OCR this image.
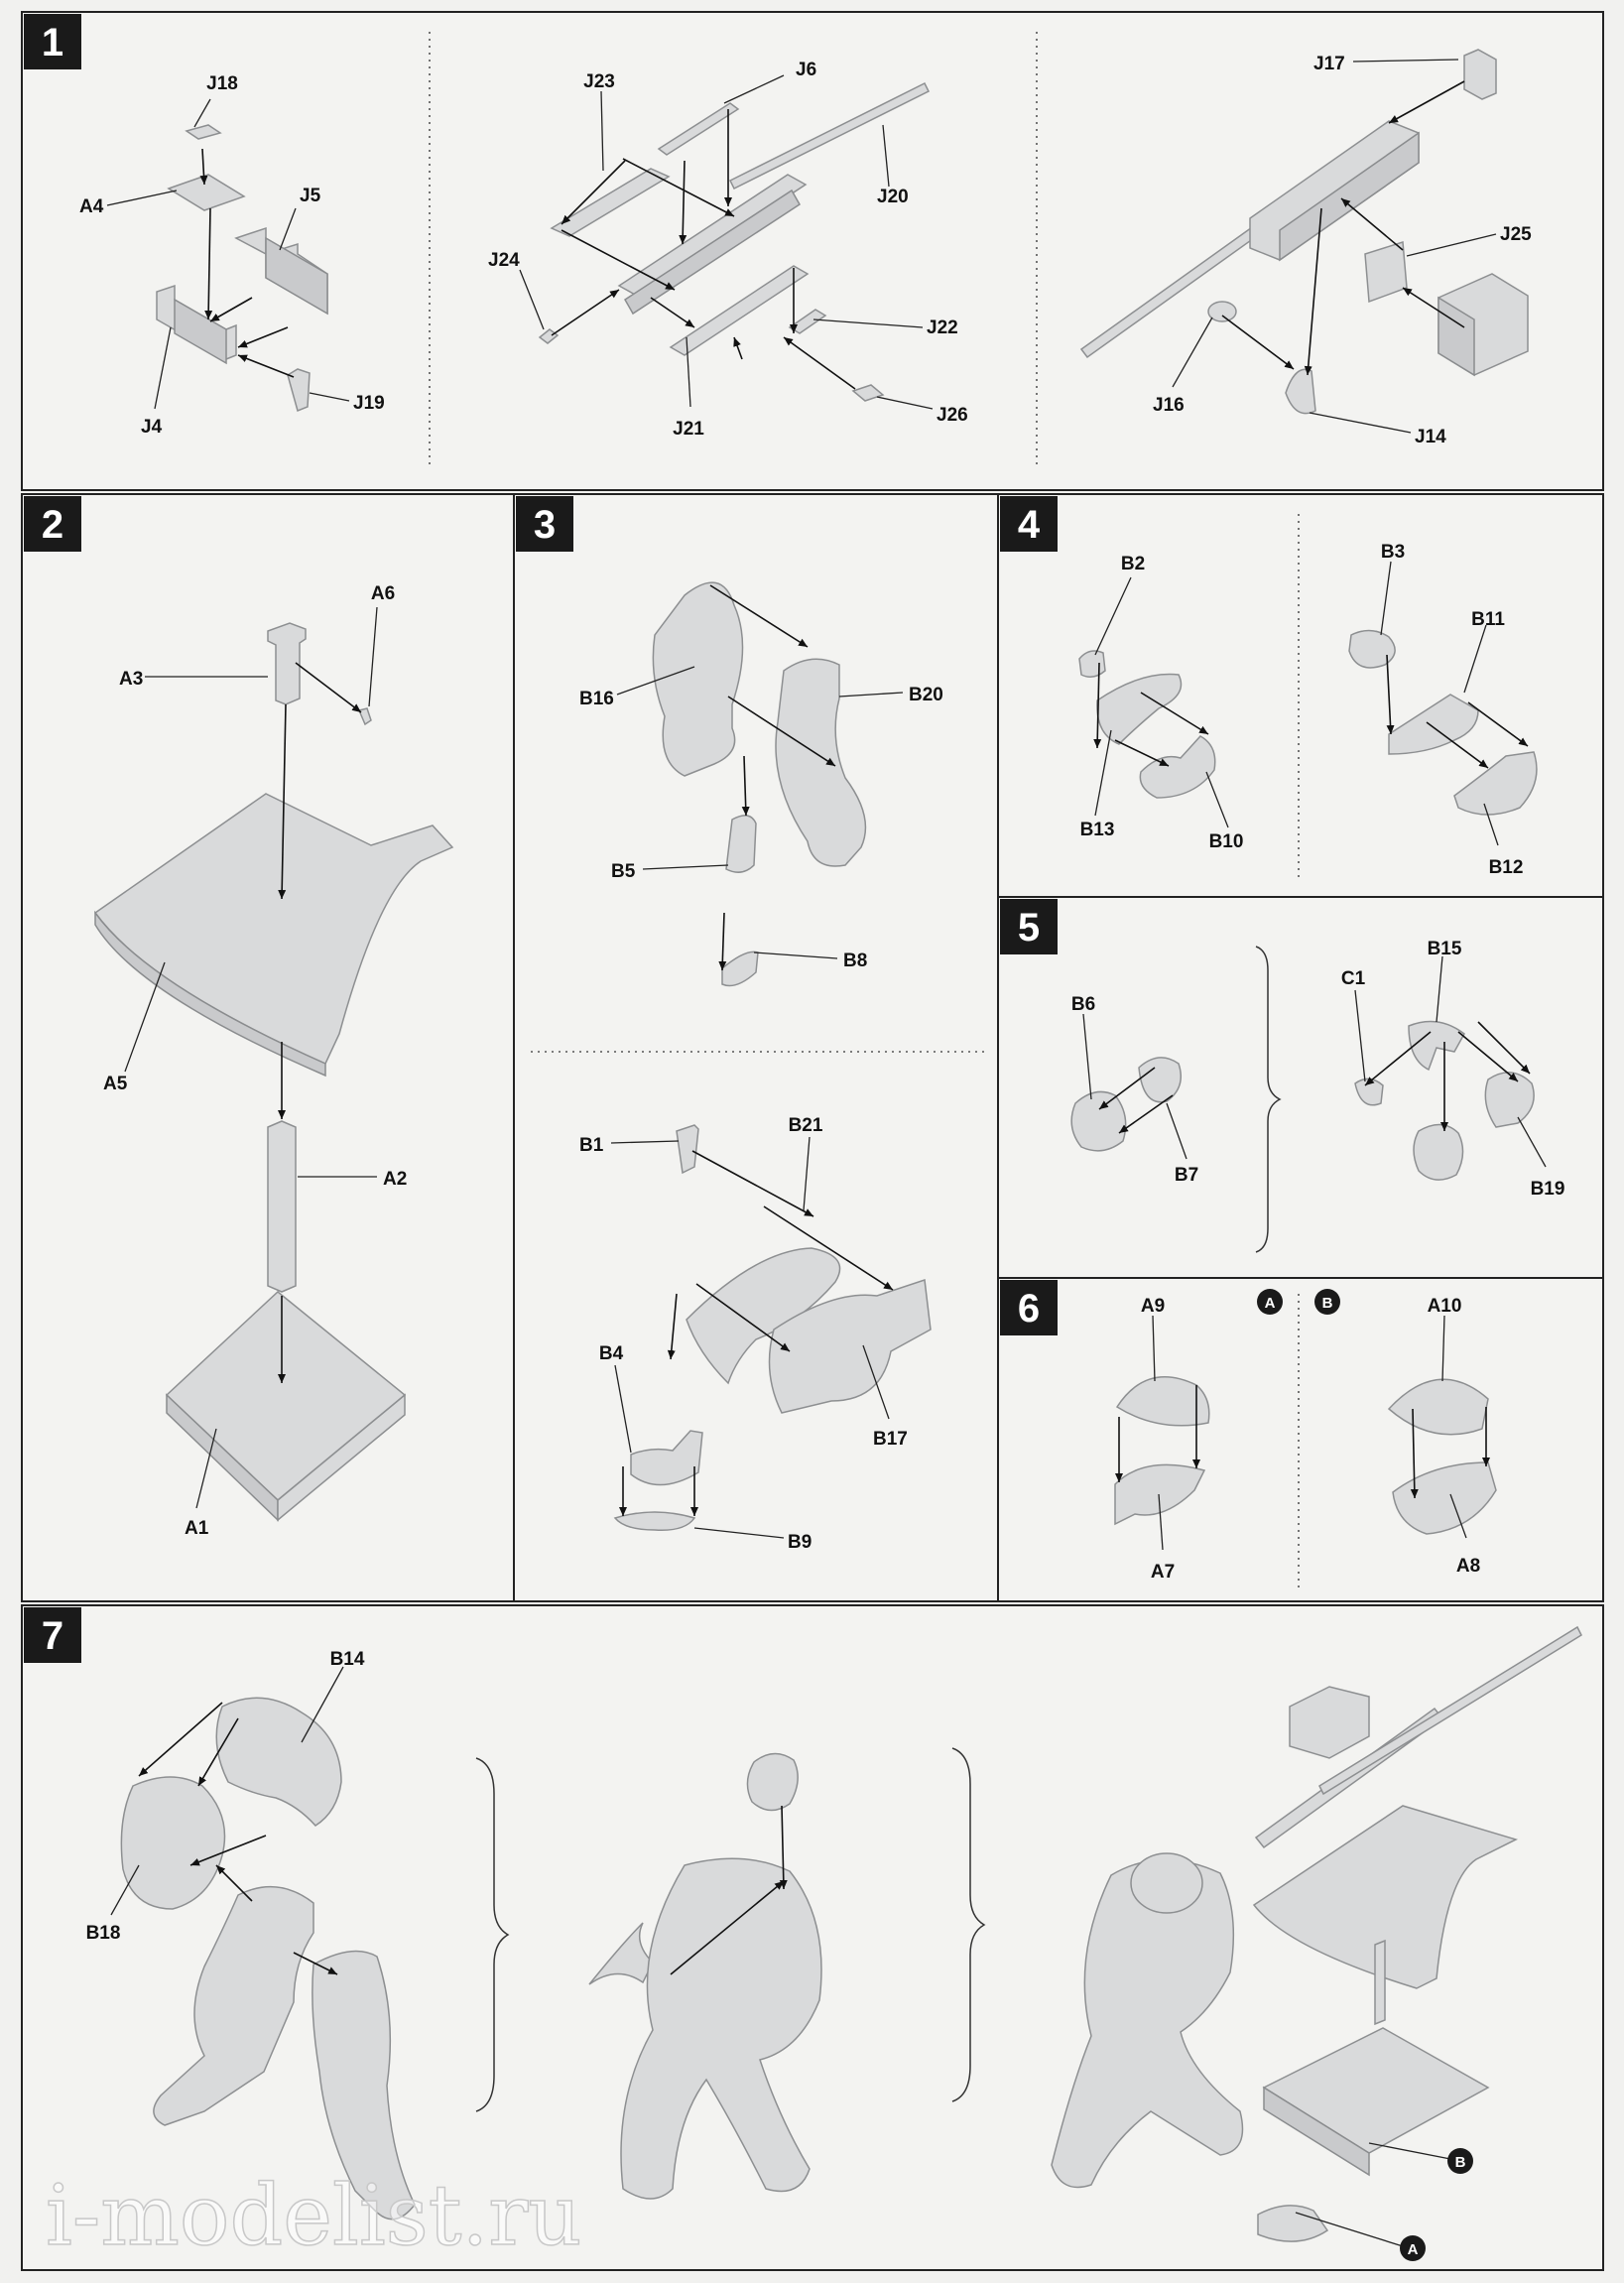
1
2	3	4
5
6
7
J18
A4
J5
J4
J19
J23
J6
J20
J24
J22
J21
J26
J17
J25
J16
J14
A6
A3
A5
A2
A1
B16	B20
B5
B8
B1
B21
B4
B17
B9
B2
B13
B10
B3
B11
B12
B6
B7
C1
B15
B19
A	B
A9
A7
A10
A8
B
A
B14
B18
i-modelist.ru
